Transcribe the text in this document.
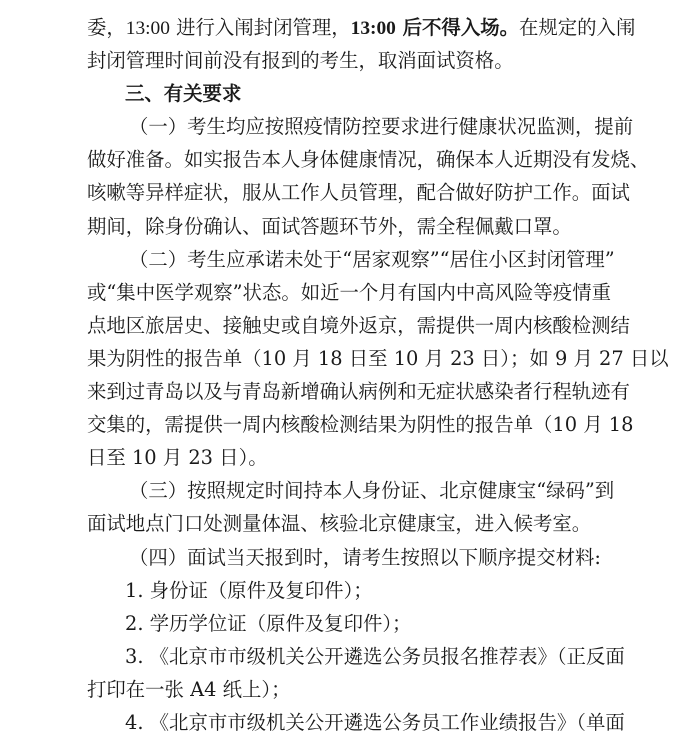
委，13:00 进行入闱封闭管理，13:00 后不得入场。在规定的入闱
封闭管理时间前没有报到的考生，取消面试资格。
三、有关要求
（一）考生均应按照疫情防控要求进行健康状况监测，提前
做好准备。如实报告本人身体健康情况，确保本人近期没有发烧、
咳嗽等异样症状，服从工作人员管理，配合做好防护工作。面试
期间，除身份确认、面试答题环节外，需全程佩戴口罩。
（二）考生应承诺未处于“居家观察”“居住小区封闭管理”
或“集中医学观察”状态。如近一个月有国内中高风险等疫情重
点地区旅居史、接触史或自境外返京，需提供一周内核酸检测结
果为阴性的报告单（10 月 18 日至 10 月 23 日）；如 9 月 27 日以
来到过青岛以及与青岛新增确认病例和无症状感染者行程轨迹有
交集的，需提供一周内核酸检测结果为阴性的报告单（10 月 18
日至 10 月 23 日）。
（三）按照规定时间持本人身份证、北京健康宝“绿码”到
面试地点门口处测量体温、核验北京健康宝，进入候考室。
（四）面试当天报到时，请考生按照以下顺序提交材料:
1. 身份证（原件及复印件）；
2. 学历学位证（原件及复印件）；
3. 《北京市市级机关公开遴选公务员报名推荐表》（正反面
打印在一张 A4 纸上）；
4. 《北京市市级机关公开遴选公务员工作业绩报告》（单面
